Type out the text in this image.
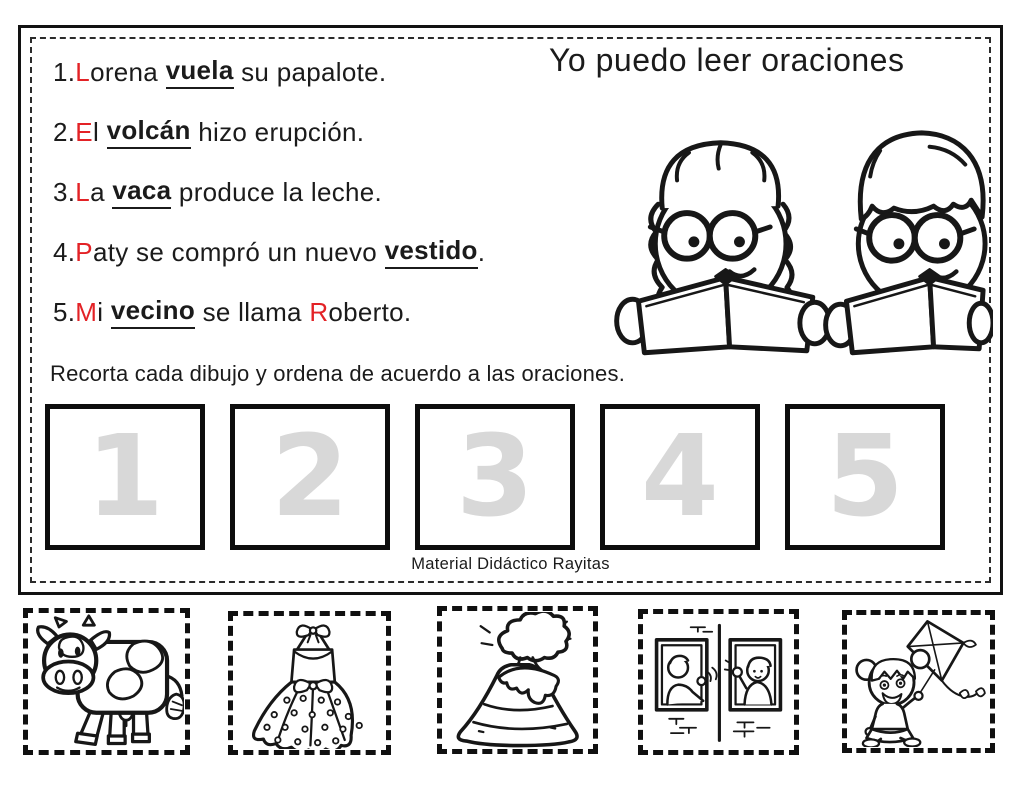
Yo puedo leer oraciones
1. L orena vuela su papalote.
2. E l volcán hizo erupción.
3. L a vaca produce la leche.
4. P aty se compró un nuevo vestido .
5. M i vecino se llama R oberto.
Recorta cada dibujo y ordena de acuerdo a las oraciones.
1 2 3 4 5
Material Didáctico Rayitas
